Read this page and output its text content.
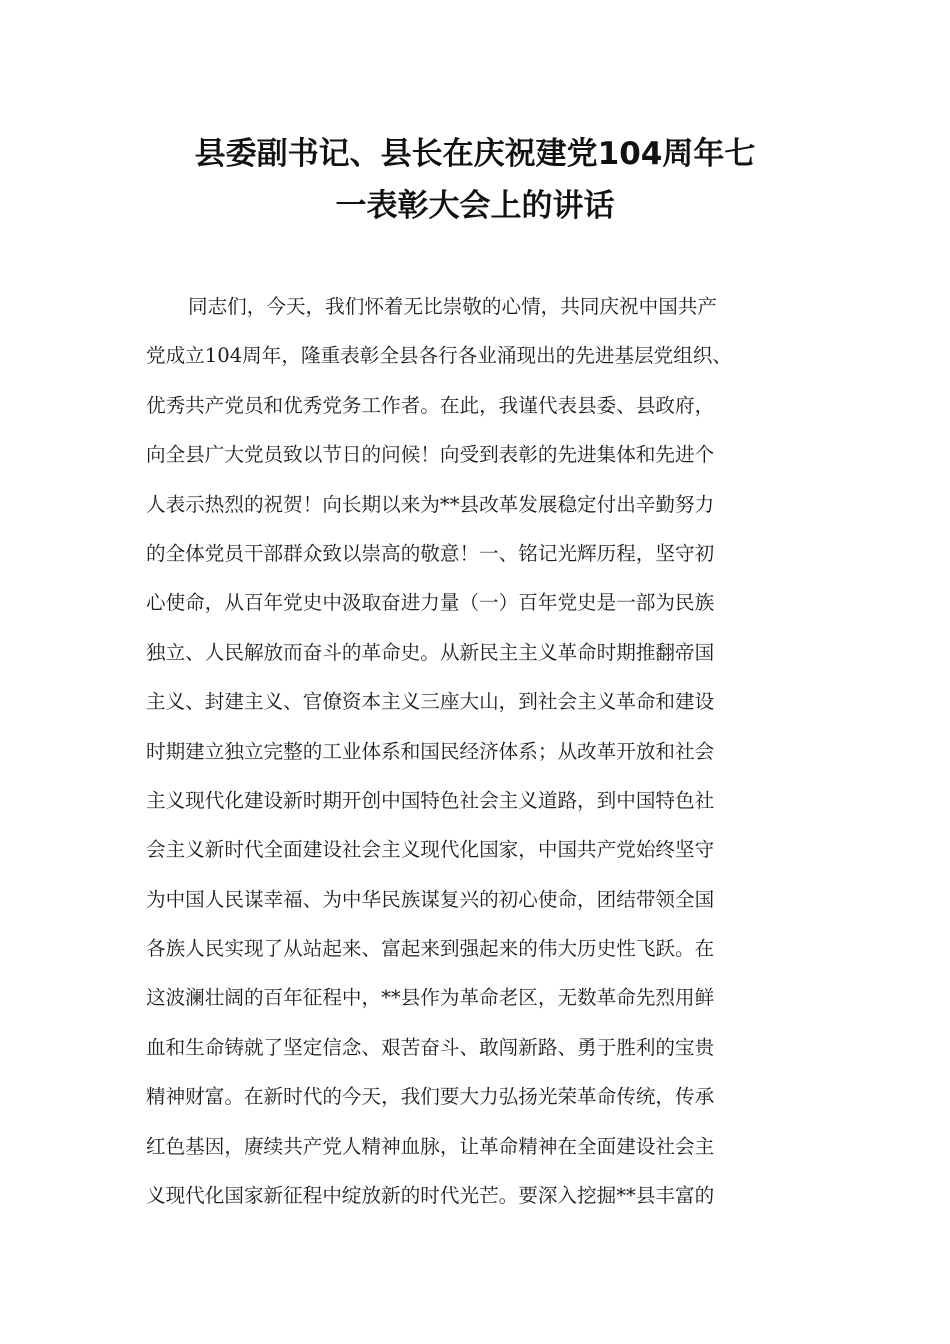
县委副书记、县长在庆祝建党104周年七
一表彰大会上的讲话
同志们，今天，我们怀着无比崇敬的心情，共同庆祝中国共产
党成立104周年，隆重表彰全县各行各业涌现出的先进基层党组织、
优秀共产党员和优秀党务工作者。在此，我谨代表县委、县政府，
向全县广大党员致以节日的问候！向受到表彰的先进集体和先进个
人表示热烈的祝贺！向长期以来为**县改革发展稳定付出辛勤努力
的全体党员干部群众致以崇高的敬意！一、铭记光辉历程，坚守初
心使命，从百年党史中汲取奋进力量（一）百年党史是一部为民族
独立、人民解放而奋斗的革命史。从新民主主义革命时期推翻帝国
主义、封建主义、官僚资本主义三座大山，到社会主义革命和建设
时期建立独立完整的工业体系和国民经济体系；从改革开放和社会
主义现代化建设新时期开创中国特色社会主义道路，到中国特色社
会主义新时代全面建设社会主义现代化国家，中国共产党始终坚守
为中国人民谋幸福、为中华民族谋复兴的初心使命，团结带领全国
各族人民实现了从站起来、富起来到强起来的伟大历史性飞跃。在
这波澜壮阔的百年征程中，**县作为革命老区，无数革命先烈用鲜
血和生命铸就了坚定信念、艰苦奋斗、敢闯新路、勇于胜利的宝贵
精神财富。在新时代的今天，我们要大力弘扬光荣革命传统，传承
红色基因，赓续共产党人精神血脉，让革命精神在全面建设社会主
义现代化国家新征程中绽放新的时代光芒。要深入挖掘**县丰富的
